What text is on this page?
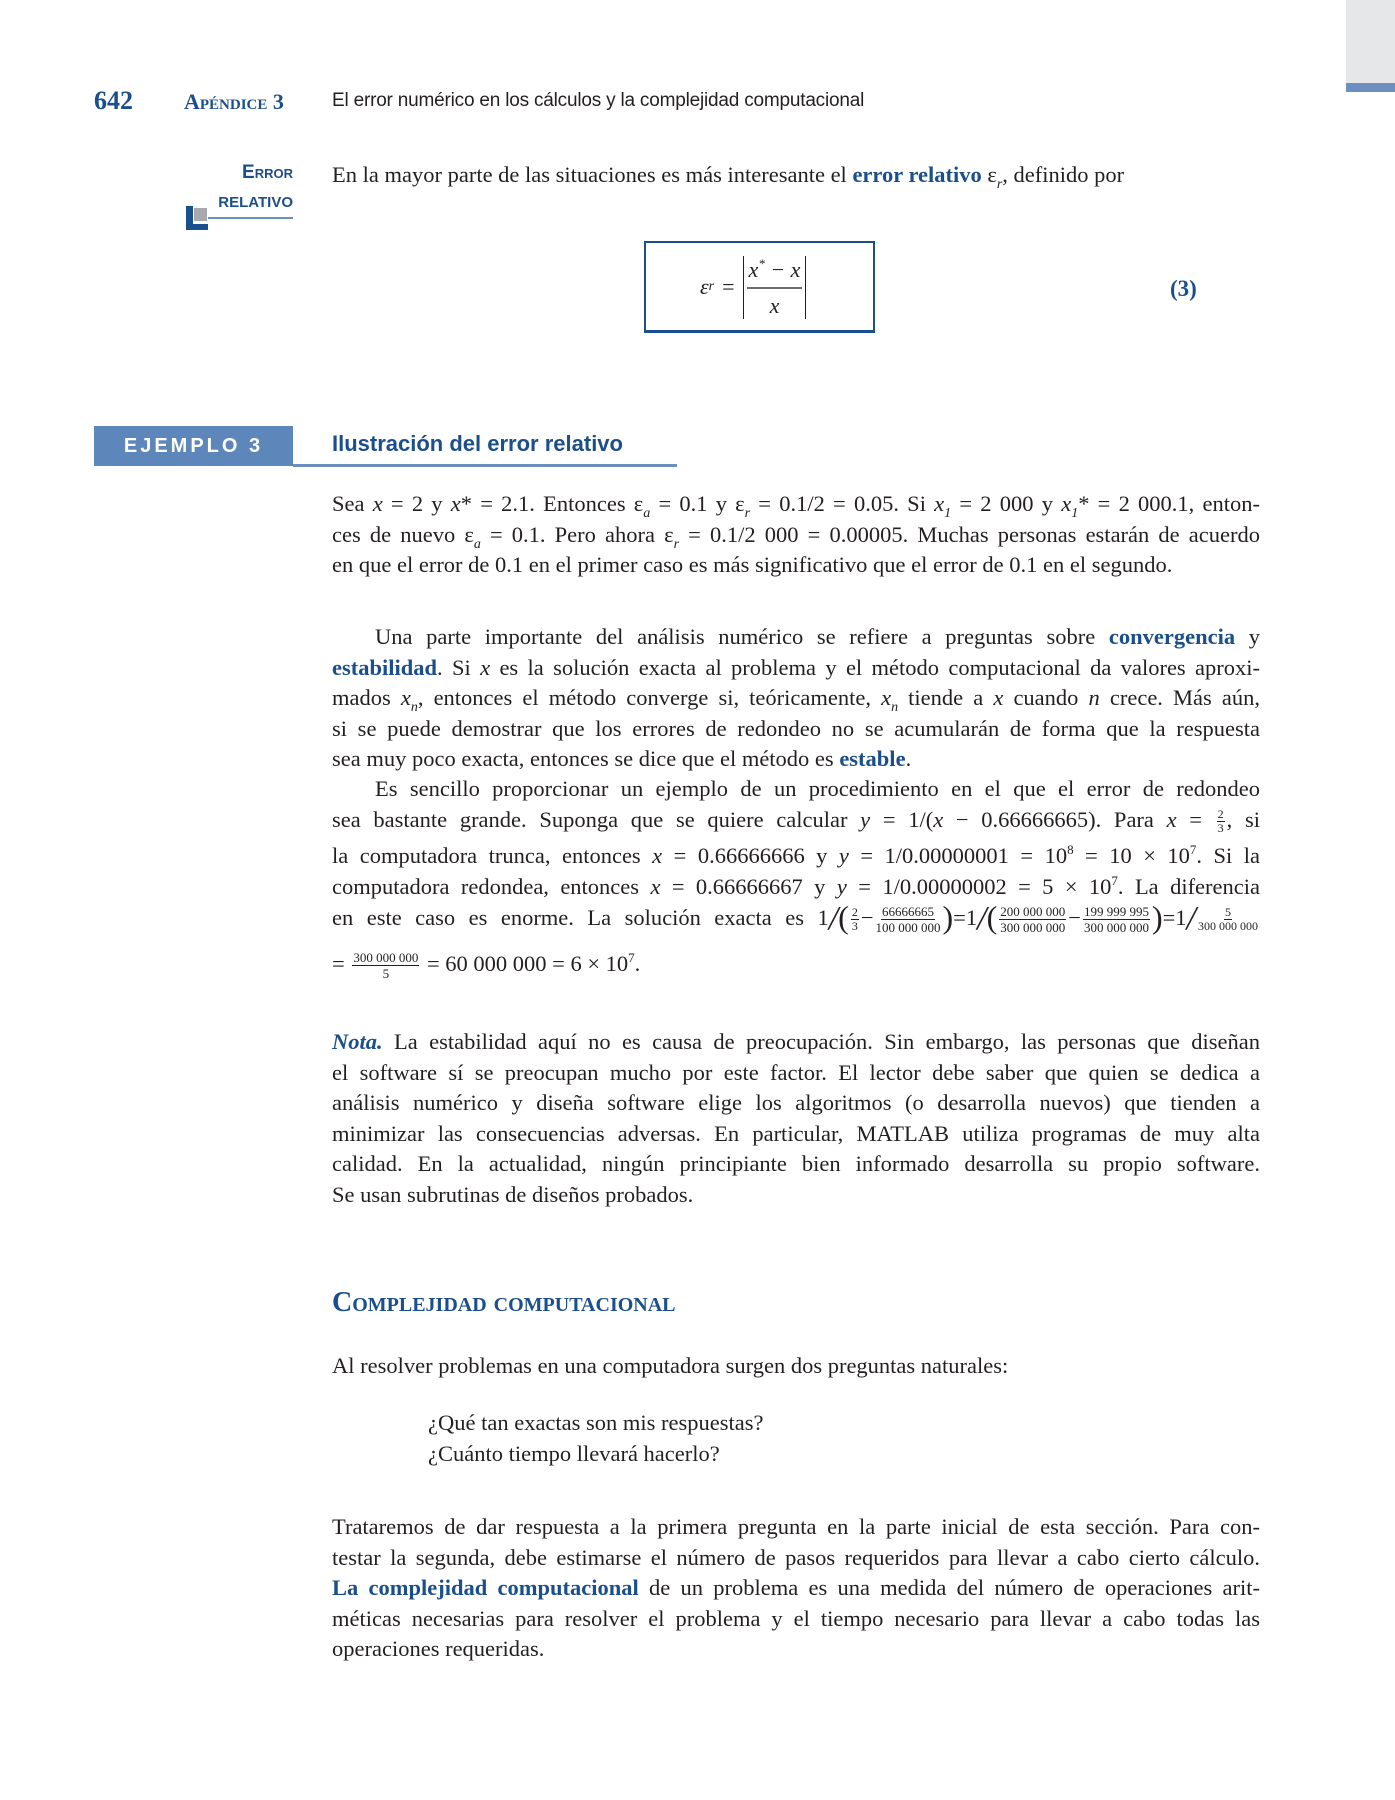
642 Apéndice 3	El error numérico en los cálculos y la complejidad computacional
Error
RELATIVO
En la mayor parte de las situaciones es más interesante el error relativo $\varepsilon_r$, definido por
ε $r = \frac{x^* - x}{x}$	(3)
EJEMPLO 3	Ilustración del error relativo
Sea x = 2 y x* = 2.1. Entonces $\varepsilon_a = 0.1$ y $\varepsilon_r = 0.1/2 = 0.05$. Si $x_1 = 2$ 000 y $x_1* = 2$ 000.1, enton-
ces de nuevo $\varepsilon_a = 0.1$. Pero ahora $\varepsilon_r = 0.1/2$ 000 = 0.00005. Muchas personas estarán de acuerdo
en que el error de 0.1 en el primer caso es más significativo que el error de 0.1 en el segundo.
Una parte importante del análisis numérico se refiere a preguntas sobre convergencia y
estabilidad. Si x es la solución exacta al problema y el método computacional da valores aproxi-
mados $x_n$, entonces el método converge si, teóricamente, $x_n$ tiende a x cuando n crece. Más aún,
si se puede demostrar que los errores de redondeo no se acumularán de forma que la respuesta
sea muy poco exacta, entonces se dice que el método es estable.
Es sencillo proporcionar un ejemplo de un procedimiento en el que el error de redondeo
sea bastante grande. Suponga que se quiere calcular y = 1/(x − 0.66666665). Para $x = \frac{2}{3}$ , si
la computadora trunca, entonces x = 0.66666666 y $y = 1/0.00000001 = 10^8 = 10 \times 10^7$. Si la
computadora redondea, entonces x = 0.66666667 y $y = 1/0.00000002 = 5 \times 10^7$. La diferencia
en este caso es enorme. La solución exacta es $1/( \frac{2}{3} - \frac{66666665}{100 000 000} )=1/( \frac{200 000 000}{300 000 000} - \frac{199 999 995}{300 000 000} )=1/ \frac{5}{300 000 000}$
= $\frac{300 000 000}{5} = 60$ 000 $000 = 6 \times 10^7$.
Nota. La estabilidad aquí no es causa de preocupación. Sin embargo, las personas que diseñan
el software sí se preocupan mucho por este factor. El lector debe saber que quien se dedica a
análisis numérico y diseña software elige los algoritmos (o desarrolla nuevos) que tienden a
minimizar las consecuencias adversas. En particular, MATLAB utiliza programas de muy alta
calidad. En la actualidad, ningún principiante bien informado desarrolla su propio software.
Se usan subrutinas de diseños probados.
Complejidad computacional
Al resolver problemas en una computadora surgen dos preguntas naturales:
¿Qué tan exactas son mis respuestas?
¿Cuánto tiempo llevará hacerlo?
Trataremos de dar respuesta a la primera pregunta en la parte inicial de esta sección. Para con-
testar la segunda, debe estimarse el número de pasos requeridos para llevar a cabo cierto cálculo.
La complejidad computacional de un problema es una medida del número de operaciones arit-
méticas necesarias para resolver el problema y el tiempo necesario para llevar a cabo todas las
operaciones requeridas.
